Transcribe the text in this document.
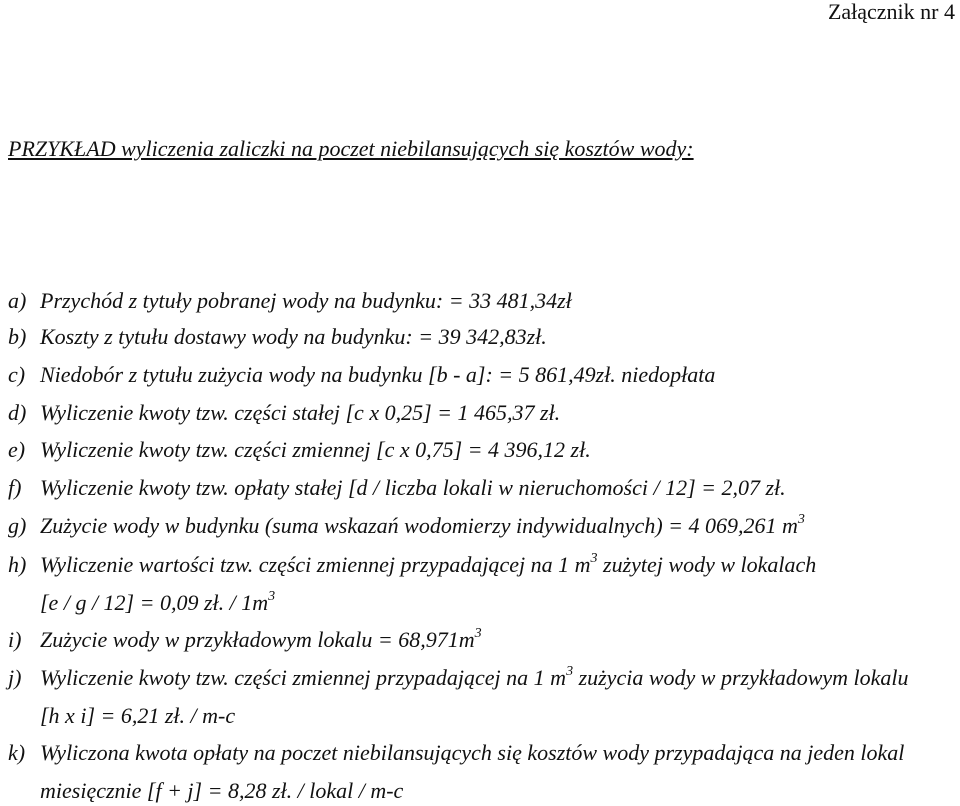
Załącznik nr 4
PRZYKŁAD wyliczenia zaliczki na poczet niebilansujących się kosztów wody:
a) Przychód z tytuły pobranej wody na budynku: = 33 481,34zł
b) Koszty z tytułu dostawy wody na budynku: = 39 342,83zł.
c) Niedobór z tytułu zużycia wody na budynku [b - a]: = 5 861,49zł. niedopłata
d) Wyliczenie kwoty tzw. części stałej [c x 0,25] = 1 465,37 zł.
e) Wyliczenie kwoty tzw. części zmiennej [c x 0,75] = 4 396,12 zł.
f) Wyliczenie kwoty tzw. opłaty stałej [d / liczba lokali w nieruchomości / 12] = 2,07 zł.
g) Zużycie wody w budynku (suma wskazań wodomierzy indywidualnych) = 4 069,261 $m^3$
h) Wyliczenie wartości tzw. części zmiennej przypadającej na 1 $m^3$ zużytej wody w lokalach
[e / g / 12] = 0,09 zł. / $1m^3$
i) Zużycie wody w przykładowym lokalu = $68,971m^3$
j) Wyliczenie kwoty tzw. części zmiennej przypadającej na 1 $m^3$ zużycia wody w przykładowym lokalu
[h x i] = 6,21 zł. / m-c
k) Wyliczona kwota opłaty na poczet niebilansujących się kosztów wody przypadająca na jeden lokal
miesięcznie [f + j] = 8,28 zł. / lokal / m-c
